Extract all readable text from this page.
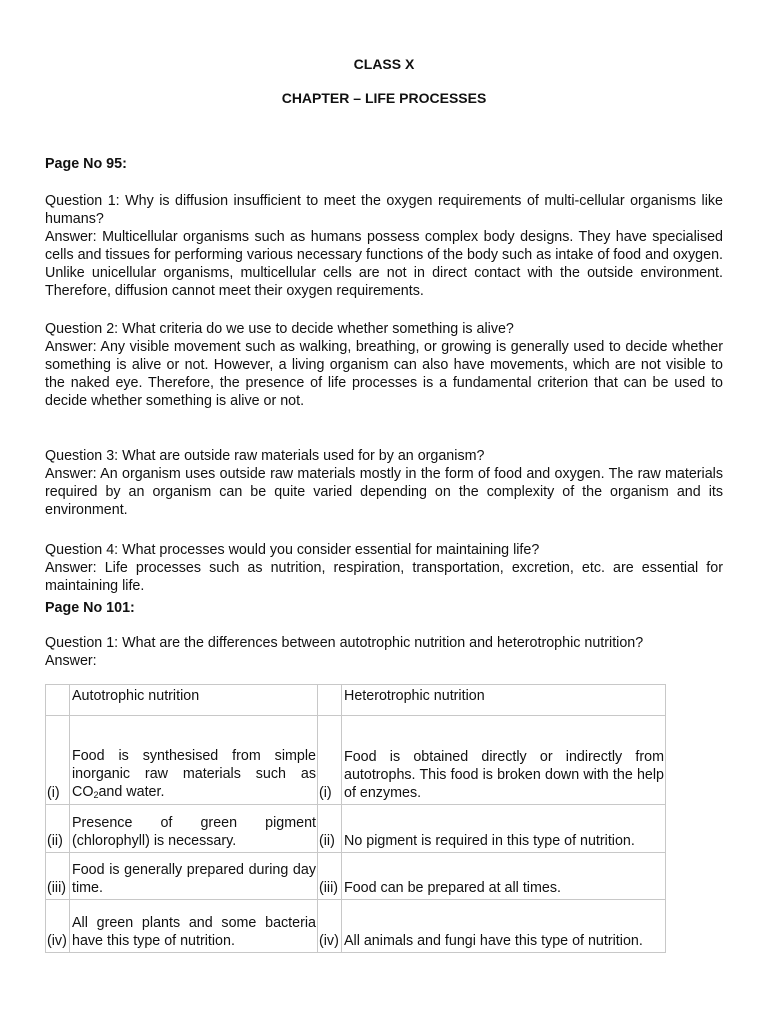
CLASS X
CHAPTER – LIFE PROCESSES
Page No 95:

Question 1: Why is diffusion insufficient to meet the oxygen requirements of multi-cellular organisms like humans?

Answer: Multicellular organisms such as humans possess complex body designs. They have specialised cells and tissues for performing various necessary functions of the body such as intake of food and oxygen. Unlike unicellular organisms, multicellular cells are not in direct contact with the outside environment. Therefore, diffusion cannot meet their oxygen requirements.

Question 2: What criteria do we use to decide whether something is alive?

Answer: Any visible movement such as walking, breathing, or growing is generally used to decide whether something is alive or not. However, a living organism can also have movements, which are not visible to the naked eye. Therefore, the presence of life processes is a fundamental criterion that can be used to decide whether something is alive or not.

Question 3: What are outside raw materials used for by an organism?

Answer: An organism uses outside raw materials mostly in the form of food and oxygen. The raw materials required by an organism can be quite varied depending on the complexity of the organism and its environment.

Question 4: What processes would you consider essential for maintaining life?

Answer: Life processes such as nutrition, respiration, transportation, excretion, etc. are essential for maintaining life.

Page No 101:

Question 1: What are the differences between autotrophic nutrition and heterotrophic nutrition?

Answer:

	Autotrophic nutrition		Heterotrophic nutrition
(i)	Food is synthesised from simple inorganic raw materials such as $CO_2and$ water.	(i)	Food is obtained directly or indirectly from autotrophs. This food is broken down with the help of enzymes.
(ii)	Presence of green pigment (chlorophyll) is necessary.	(ii)	No pigment is required in this type of nutrition.
(iii)	Food is generally prepared during day time.	(iii)	Food can be prepared at all times.
(iv)	All green plants and some bacteria have this type of nutrition.	(iv)	All animals and fungi have this type of nutrition.
